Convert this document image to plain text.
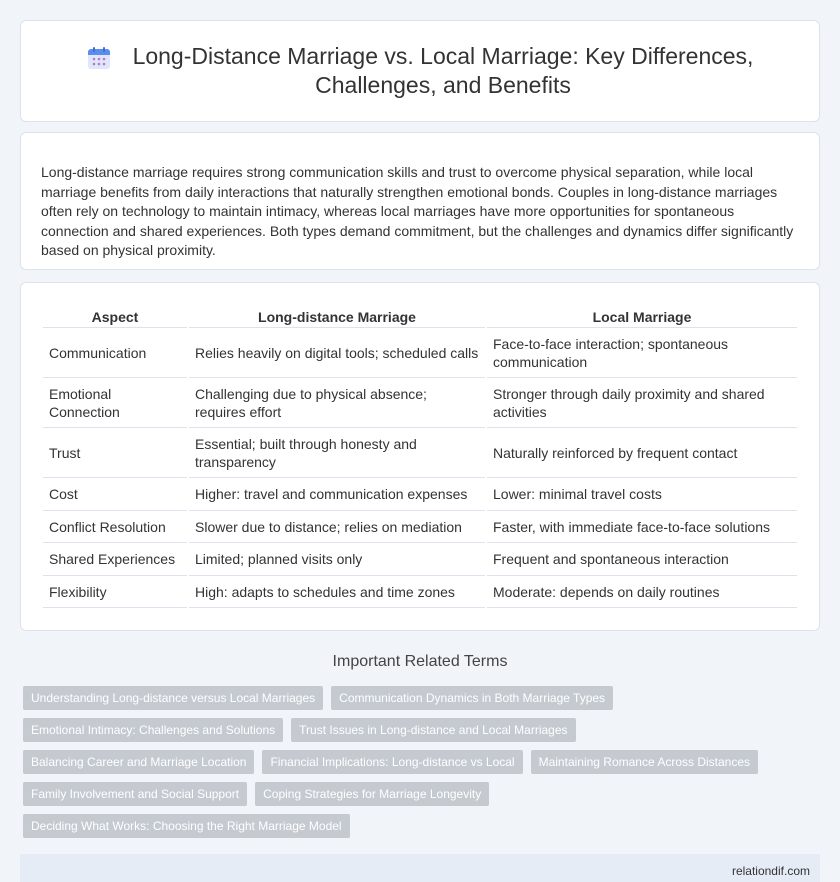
Long-Distance Marriage vs. Local Marriage: Key Differences,
Challenges, and Benefits

Long-distance marriage requires strong communication skills and trust to overcome physical separation, while local marriage benefits from daily interactions that naturally strengthen emotional bonds. Couples in long-distance marriages often rely on technology to maintain intimacy, whereas local marriages have more opportunities for spontaneous connection and shared experiences. Both types demand commitment, but the challenges and dynamics differ significantly based on physical proximity.

Aspect	Long-distance Marriage	Local Marriage
Communication	Relies heavily on digital tools; scheduled calls	Face-to-face interaction; spontaneous communication
Emotional Connection	Challenging due to physical absence; requires effort	Stronger through daily proximity and shared activities
Trust	Essential; built through honesty and transparency	Naturally reinforced by frequent contact
Cost	Higher: travel and communication expenses	Lower: minimal travel costs
Conflict Resolution	Slower due to distance; relies on mediation	Faster, with immediate face-to-face solutions
Shared Experiences	Limited; planned visits only	Frequent and spontaneous interaction
Flexibility	High: adapts to schedules and time zones	Moderate: depends on daily routines
Important Related Terms
Understanding Long-distance versus Local Marriages	Communication Dynamics in Both Marriage Types
Emotional Intimacy: Challenges and Solutions	Trust Issues in Long-distance and Local Marriages
Balancing Career and Marriage Location	Financial Implications: Long-distance vs Local	Maintaining Romance Across Distances
Family Involvement and Social Support	Coping Strategies for Marriage Longevity
Deciding What Works: Choosing the Right Marriage Model
relationdif.com
